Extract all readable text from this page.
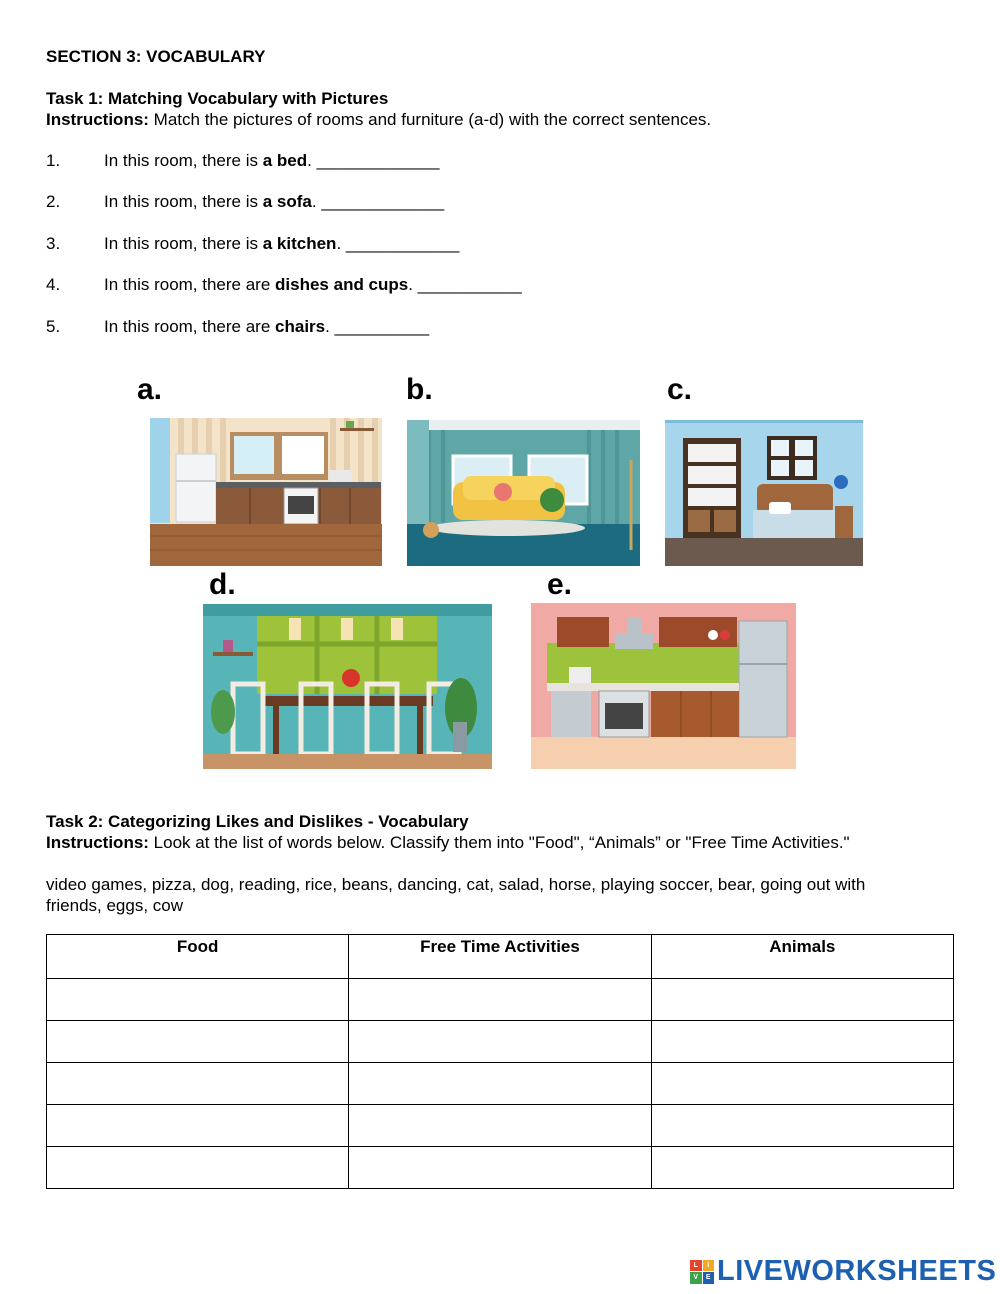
SECTION 3: VOCABULARY
Task 1: Matching Vocabulary with Pictures
Instructions: Match the pictures of rooms and furniture (a-d) with the correct sentences.
1.	In this room, there is a bed. _____________
2.	In this room, there is a sofa. _____________
3.	In this room, there is a kitchen. ____________
4.	In this room, there are dishes and cups. ___________
5.	In this room, there are chairs. __________
a.	b.	c.
d.	e.
Task 2: Categorizing Likes and Dislikes - Vocabulary
Instructions: Look at the list of words below. Classify them into "Food", “Animals” or "Free Time Activities."
video games, pizza, dog, reading, rice, beans, dancing, cat, salad, horse, playing soccer, bear, going out with
friends, eggs, cow
Food	Free Time Activities	Animals

L	I
V	E LIVEWORKSHEETS
